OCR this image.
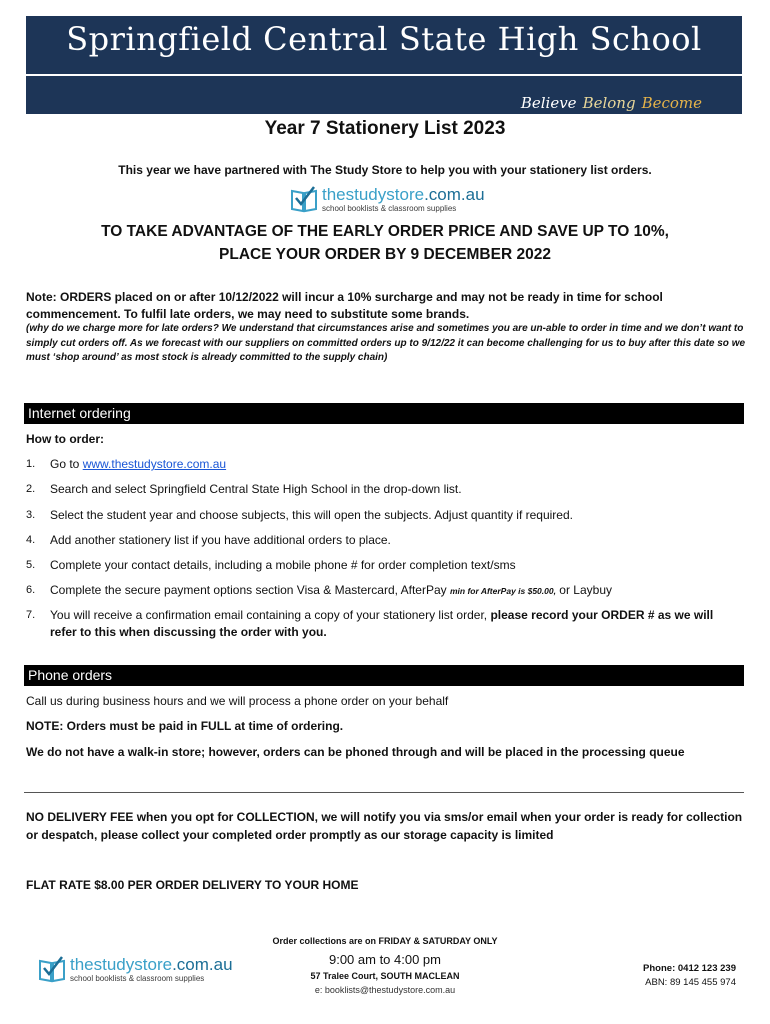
Springfield Central State High School
Believe Belong Become
Year 7 Stationery List 2023
This year we have partnered with The Study Store to help you with your stationery list orders.
thestudystore.com.au
school booklists & classroom supplies
TO TAKE ADVANTAGE OF THE EARLY ORDER PRICE AND SAVE UP TO 10%,
PLACE YOUR ORDER BY 9 DECEMBER 2022
Note: ORDERS placed on or after 10/12/2022 will incur a 10% surcharge and may not be ready in time for school commencement. To fulfil late orders, we may need to substitute some brands.
(why do we charge more for late orders? We understand that circumstances arise and sometimes you are un-able to order in time and we don’t want to simply cut orders off. As we forecast with our suppliers on committed orders up to 9/12/22 it can become challenging for us to buy after this date so we must ‘shop around’ as most stock is already committed to the supply chain)
Internet ordering
How to order:
1.	Go to www.thestudystore.com.au
2.	Search and select Springfield Central State High School in the drop-down list.
3.	Select the student year and choose subjects, this will open the subjects. Adjust quantity if required.
4.	Add another stationery list if you have additional orders to place.
5.	Complete your contact details, including a mobile phone # for order completion text/sms
6.	Complete the secure payment options section Visa & Mastercard, AfterPay min for AfterPay is $50.00, or Laybuy
7.	You will receive a confirmation email containing a copy of your stationery list order, please record your ORDER # as we will refer to this when discussing the order with you.
Phone orders
Call us during business hours and we will process a phone order on your behalf
NOTE: Orders must be paid in FULL at time of ordering.
We do not have a walk-in store; however, orders can be phoned through and will be placed in the processing queue
NO DELIVERY FEE when you opt for COLLECTION, we will notify you via sms/or email when your order is ready for collection or despatch, please collect your completed order promptly as our storage capacity is limited
FLAT RATE $8.00 PER ORDER DELIVERY TO YOUR HOME
thestudystore.com.au
school booklists & classroom supplies
Order collections are on FRIDAY & SATURDAY ONLY
9:00 am to 4:00 pm
57 Tralee Court, SOUTH MACLEAN
e: booklists@thestudystore.com.au
Phone: 0412 123 239
ABN: 89 145 455 974
